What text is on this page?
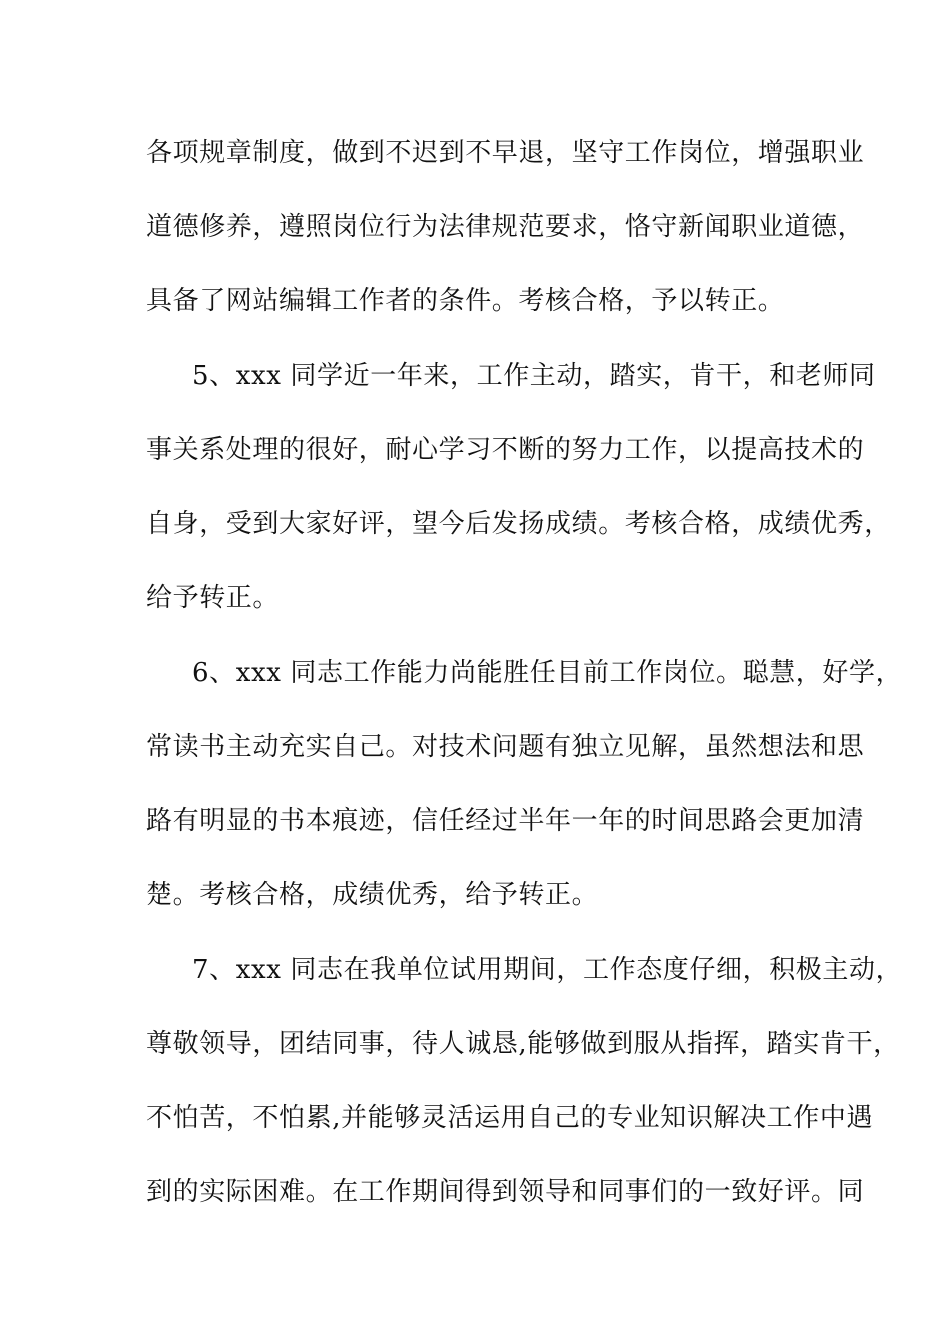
各项规章制度，做到不迟到不早退，坚守工作岗位，增强职业
道德修养，遵照岗位行为法律规范要求，恪守新闻职业道德，
具备了网站编辑工作者的条件。考核合格，予以转正。
5、xxx 同学近一年来，工作主动，踏实，肯干，和老师同
事关系处理的很好，耐心学习不断的努力工作，以提高技术的
自身，受到大家好评，望今后发扬成绩。考核合格，成绩优秀，
给予转正。
6、xxx 同志工作能力尚能胜任目前工作岗位。聪慧，好学，
常读书主动充实自己。对技术问题有独立见解，虽然想法和思
路有明显的书本痕迹，信任经过半年一年的时间思路会更加清
楚。考核合格，成绩优秀，给予转正。
7、xxx 同志在我单位试用期间，工作态度仔细，积极主动，
尊敬领导，团结同事，待人诚恳,能够做到服从指挥，踏实肯干，
不怕苦，不怕累,并能够灵活运用自己的专业知识解决工作中遇
到的实际困难。在工作期间得到领导和同事们的一致好评。同
